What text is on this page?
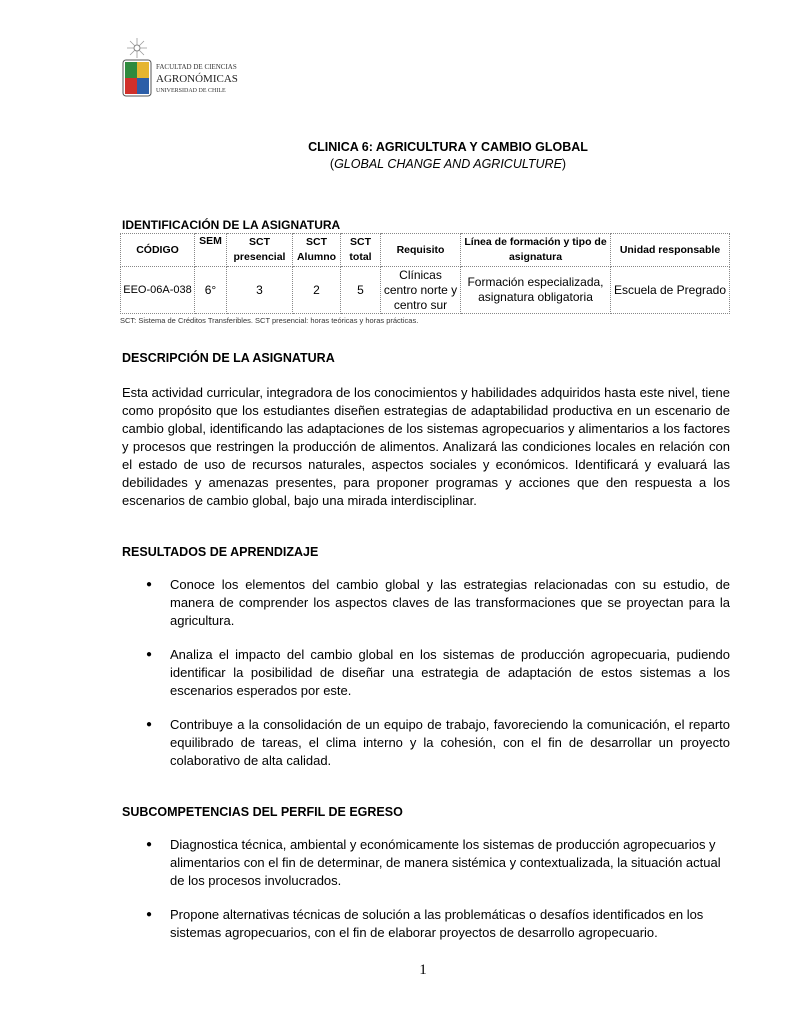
FACULTAD DE CIENCIAS
AGRONÓMICAS
UNIVERSIDAD DE CHILE
CLINICA 6: AGRICULTURA Y CAMBIO GLOBAL
(GLOBAL CHANGE AND AGRICULTURE)
IDENTIFICACIÓN DE LA ASIGNATURA
CÓDIGO	SEM	SCT presencial	SCT Alumno	SCT total	Requisito	Línea de formación y tipo de asignatura	Unidad responsable
EEO-06A-038	6°	3	2	5	Clínicas centro norte y centro sur	Formación especializada, asignatura obligatoria	Escuela de Pregrado
SCT: Sistema de Créditos Transferibles. SCT presencial: horas teóricas y horas prácticas.
DESCRIPCIÓN DE LA ASIGNATURA
Esta actividad curricular, integradora de los conocimientos y habilidades adquiridos hasta este nivel, tiene como propósito que los estudiantes diseñen estrategias de adaptabilidad productiva en un escenario de cambio global, identificando las adaptaciones de los sistemas agropecuarios y alimentarios a los factores y procesos que restringen la producción de alimentos. Analizará las condiciones locales en relación con el estado de uso de recursos naturales, aspectos sociales y económicos. Identificará y evaluará las debilidades y amenazas presentes, para proponer programas y acciones que den respuesta a los escenarios de cambio global, bajo una mirada interdisciplinar.
RESULTADOS DE APRENDIZAJE
● Conoce los elementos del cambio global y las estrategias relacionadas con su estudio, de manera de comprender los aspectos claves de las transformaciones que se proyectan para la agricultura.
● Analiza el impacto del cambio global en los sistemas de producción agropecuaria, pudiendo identificar la posibilidad de diseñar una estrategia de adaptación de estos sistemas a los escenarios esperados por este.
● Contribuye a la consolidación de un equipo de trabajo, favoreciendo la comunicación, el reparto equilibrado de tareas, el clima interno y la cohesión, con el fin de desarrollar un proyecto colaborativo de alta calidad.
SUBCOMPETENCIAS DEL PERFIL DE EGRESO
● Diagnostica técnica, ambiental y económicamente los sistemas de producción agropecuarios y alimentarios con el fin de determinar, de manera sistémica y contextualizada, la situación actual de los procesos involucrados.
● Propone alternativas técnicas de solución a las problemáticas o desafíos identificados en los sistemas agropecuarios, con el fin de elaborar proyectos de desarrollo agropecuario.
1
